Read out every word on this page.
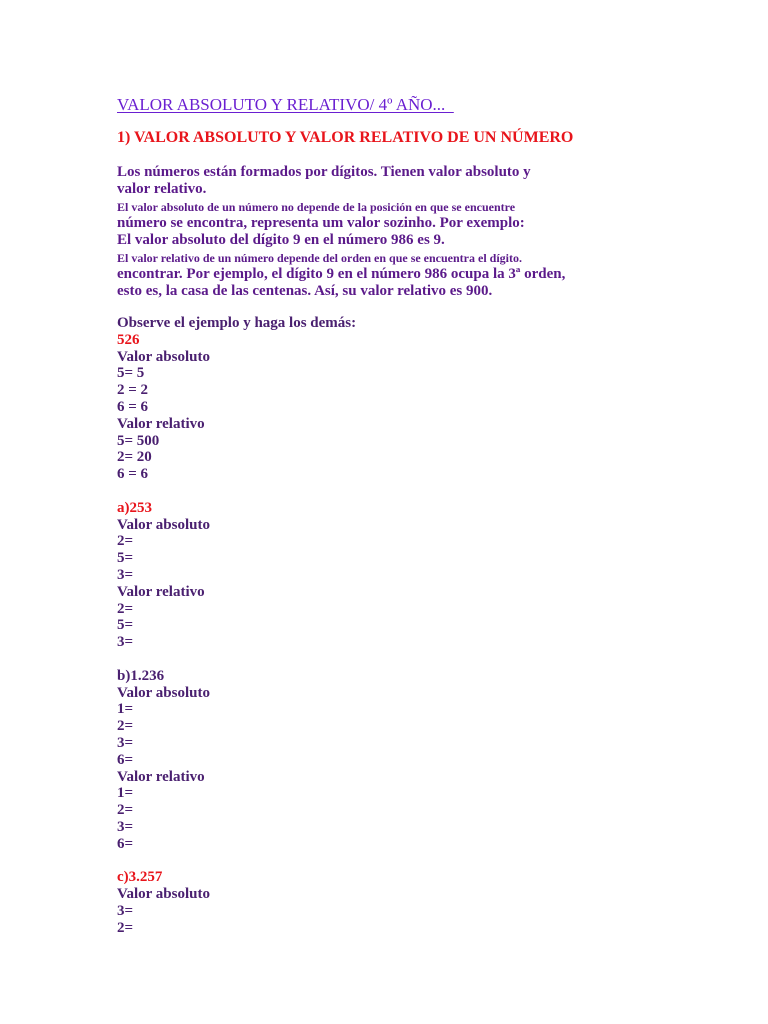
VALOR ABSOLUTO Y RELATIVO/ 4º AÑO...
1) VALOR ABSOLUTO Y VALOR RELATIVO DE UN NÚMERO
Los números están formados por dígitos. Tienen valor absoluto y
valor relativo.
El valor absoluto de un número no depende de la posición en que se encuentre
número se encontra, representa um valor sozinho. Por exemplo:
El valor absoluto del dígito 9 en el número 986 es 9.
El valor relativo de un número depende del orden en que se encuentra el dígito.
encontrar. Por ejemplo, el dígito 9 en el número 986 ocupa la 3ª orden,
esto es, la casa de las centenas. Así, su valor relativo es 900.
Observe el ejemplo y haga los demás:
526
Valor absoluto
5= 5
2 = 2
6 = 6
Valor relativo
5= 500
2= 20
6 = 6
a)253
Valor absoluto
2=
5=
3=
Valor relativo
2=
5=
3=
b)1.236
Valor absoluto
1=
2=
3=
6=
Valor relativo
1=
2=
3=
6=
c)3.257
Valor absoluto
3=
2=
